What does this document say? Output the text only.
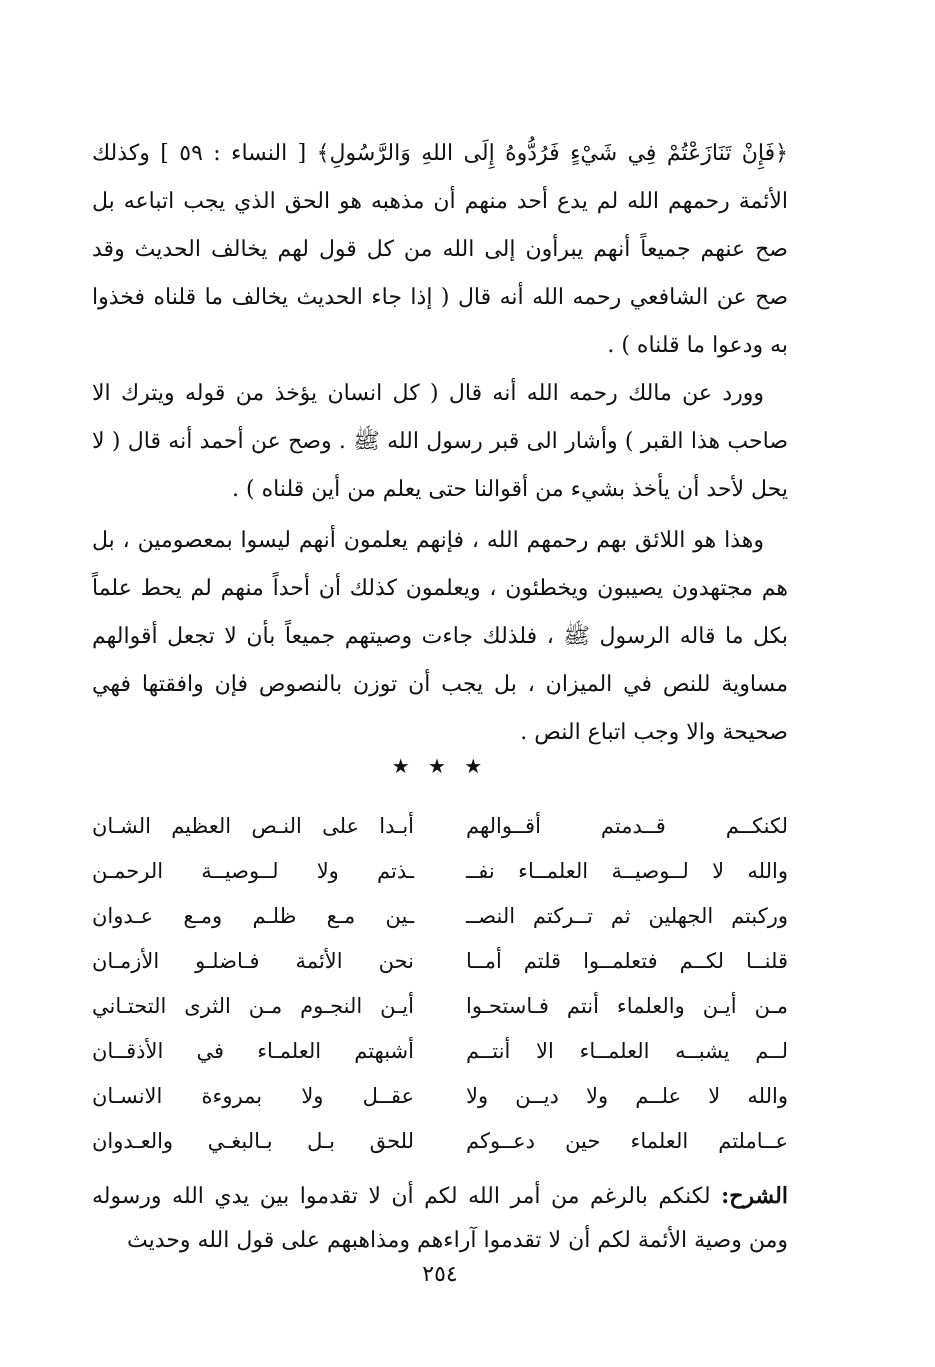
﴿فَإِنْ تَنَازَعْتُمْ فِي شَيْءٍ فَرُدُّوهُ إِلَى اللهِ وَالرَّسُولِ﴾ [ النساء : ٥٩ ] وكذلك الأئمة رحمهم الله لم يدع أحد منهم أن مذهبه هو الحق الذي يجب اتباعه بل صح عنهم جميعاً أنهم يبرأون إلى الله من كل قول لهم يخالف الحديث وقد صح عن الشافعي رحمه الله أنه قال ( إذا جاء الحديث يخالف ما قلناه فخذوا به ودعوا ما قلناه ) .

وورد عن مالك رحمه الله أنه قال ( كل انسان يؤخذ من قوله ويترك الا صاحب هذا القبر ) وأشار الى قبر رسول الله ﷺ . وصح عن أحمد أنه قال ( لا يحل لأحد أن يأخذ بشيء من أقوالنا حتى يعلم من أين قلناه ) .

وهذا هو اللائق بهم رحمهم الله ، فإنهم يعلمون أنهم ليسوا بمعصومين ، بل هم مجتهدون يصيبون ويخطئون ، ويعلمون كذلك أن أحداً منهم لم يحط علماً بكل ما قاله الرسول ﷺ ، فلذلك جاءت وصيتهم جميعاً بأن لا تجعل أقوالهم مساوية للنص في الميزان ، بل يجب أن توزن بالنصوص فإن وافقتها فهي صحيحة والا وجب اتباع النص .

★ ★ ★
لكنكــم قــدمتم أقــوالهم
أبـدا على النـص العظيم الشـان
والله لا لــوصيــة العلمــاء نفــ
ـذتم ولا لــوصيــة الرحمـن
وركبتم الجهلين ثم تــركتم النصــ
ـين مـع ظلـم ومـع عـدوان
قلنــا لكــم فتعلمــوا قلتم أمــا
نحن الأئمة فـاضلـو الأزمـان
مـن أيـن والعلماء أنتم فـاستحـوا
أيـن النجـوم مـن الثرى التحتـاني
لــم يشبــه العلمــاء الا أنتــم
أشبهتم العلمـاء في الأذقــان
والله لا علــم ولا ديــن ولا
عقــل ولا بمروءة الانسـان
عــاملتم العلماء حين دعــوكم
للحق بـل بـالبغـي والعـدوان

الشرح: لكنكم بالرغم من أمر الله لكم أن لا تقدموا بين يدي الله ورسوله ومن وصية الأئمة لكم أن لا تقدموا آراءهم ومذاهبهم على قول الله وحديث

٢٥٤
